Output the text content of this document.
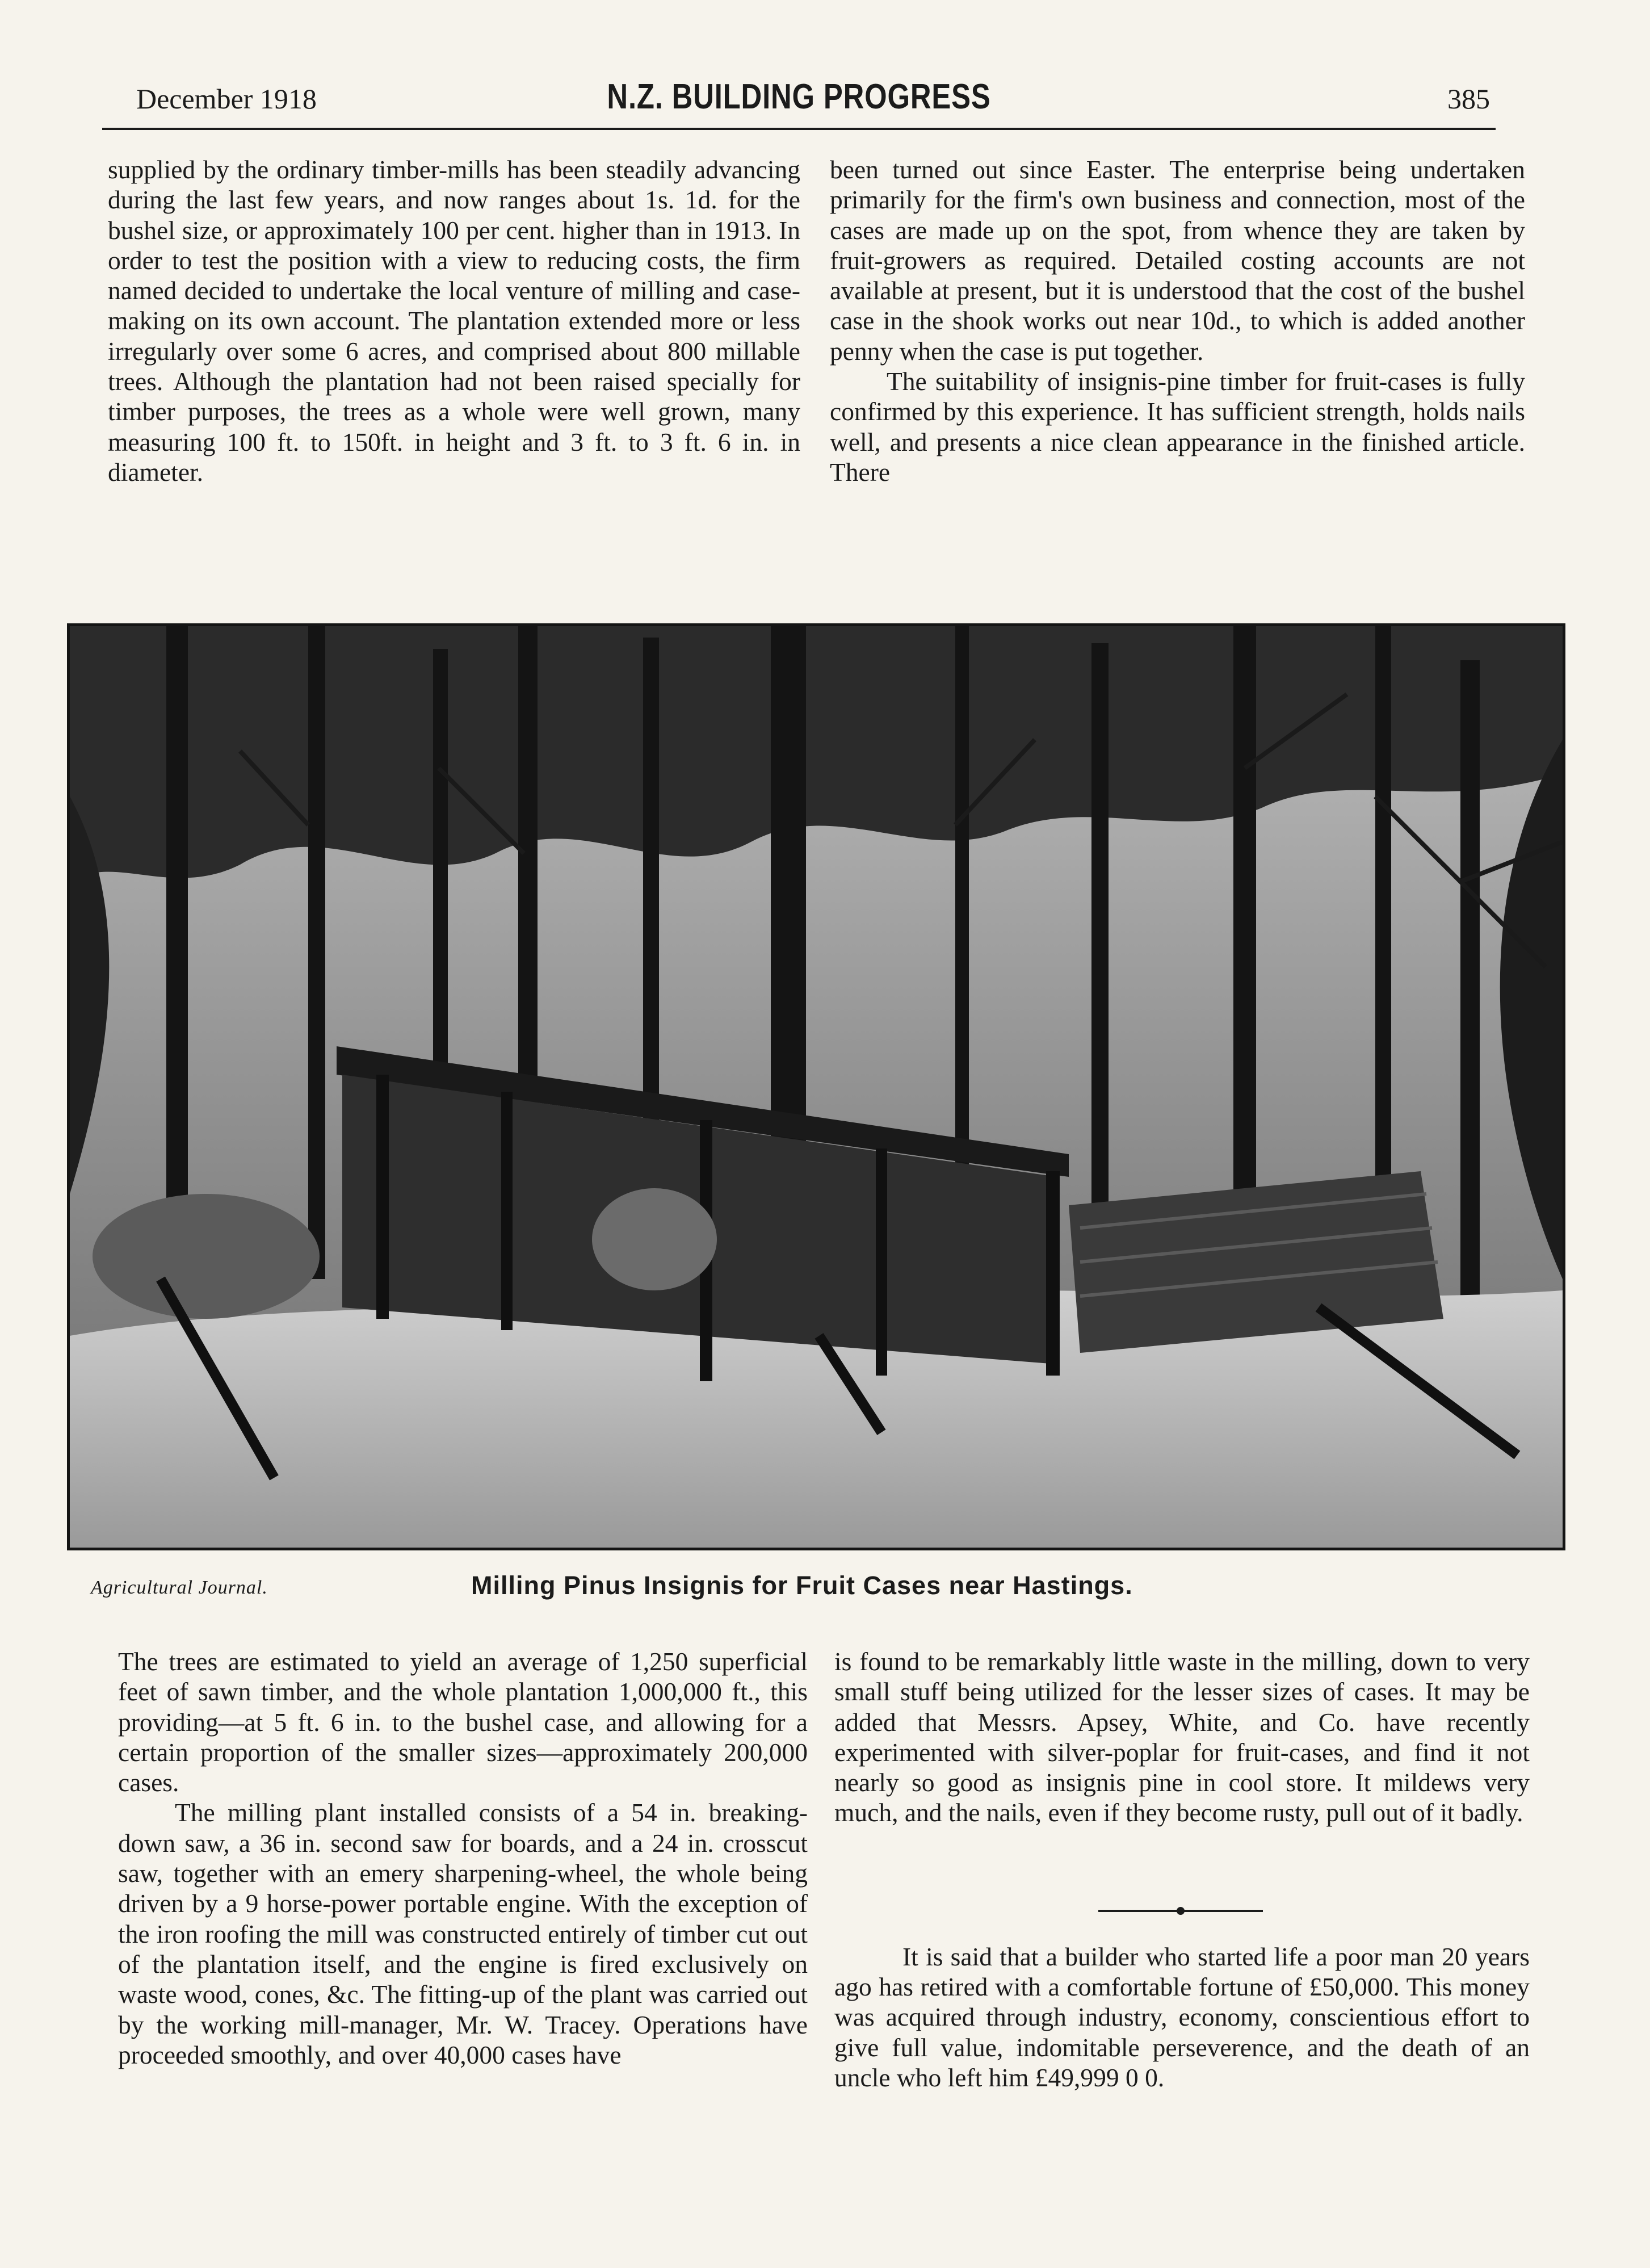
December 1918	N.Z. BUILDING PROGRESS	385

supplied by the ordinary timber-mills has been steadily advancing during the last few years, and now ranges about 1s. 1d. for the bushel size, or approximately 100 per cent. higher than in 1913. In order to test the position with a view to reducing costs, the firm named decided to undertake the local venture of milling and case-making on its own account. The plantation extended more or less irregularly over some 6 acres, and comprised about 800 millable trees. Although the plantation had not been raised specially for timber purposes, the trees as a whole were well grown, many measuring 100 ft. to 150ft. in height and 3 ft. to 3 ft. 6 in. in diameter.

been turned out since Easter. The enterprise being undertaken primarily for the firm's own business and connection, most of the cases are made up on the spot, from whence they are taken by fruit-growers as required. Detailed costing accounts are not available at present, but it is understood that the cost of the bushel case in the shook works out near 10d., to which is added another penny when the case is put together.

The suitability of insignis-pine timber for fruit-cases is fully confirmed by this experience. It has sufficient strength, holds nails well, and presents a nice clean appearance in the finished article. There

Agricultural Journal.	Milling Pinus Insignis for Fruit Cases near Hastings.

The trees are estimated to yield an average of 1,250 superficial feet of sawn timber, and the whole plantation 1,000,000 ft., this providing—at 5 ft. 6 in. to the bushel case, and allowing for a certain proportion of the smaller sizes—approximately 200,000 cases.

The milling plant installed consists of a 54 in. breaking-down saw, a 36 in. second saw for boards, and a 24 in. crosscut saw, together with an emery sharpening-wheel, the whole being driven by a 9 horse-power portable engine. With the exception of the iron roofing the mill was constructed entirely of timber cut out of the plantation itself, and the engine is fired exclusively on waste wood, cones, &c. The fitting-up of the plant was carried out by the working mill-manager, Mr. W. Tracey. Operations have proceeded smoothly, and over 40,000 cases have

is found to be remarkably little waste in the milling, down to very small stuff being utilized for the lesser sizes of cases. It may be added that Messrs. Apsey, White, and Co. have recently experimented with silver-poplar for fruit-cases, and find it not nearly so good as insignis pine in cool store. It mildews very much, and the nails, even if they become rusty, pull out of it badly.

It is said that a builder who started life a poor man 20 years ago has retired with a comfortable fortune of £50,000. This money was acquired through industry, economy, conscientious effort to give full value, indomitable perseverence, and the death of an uncle who left him £49,999 0 0.
